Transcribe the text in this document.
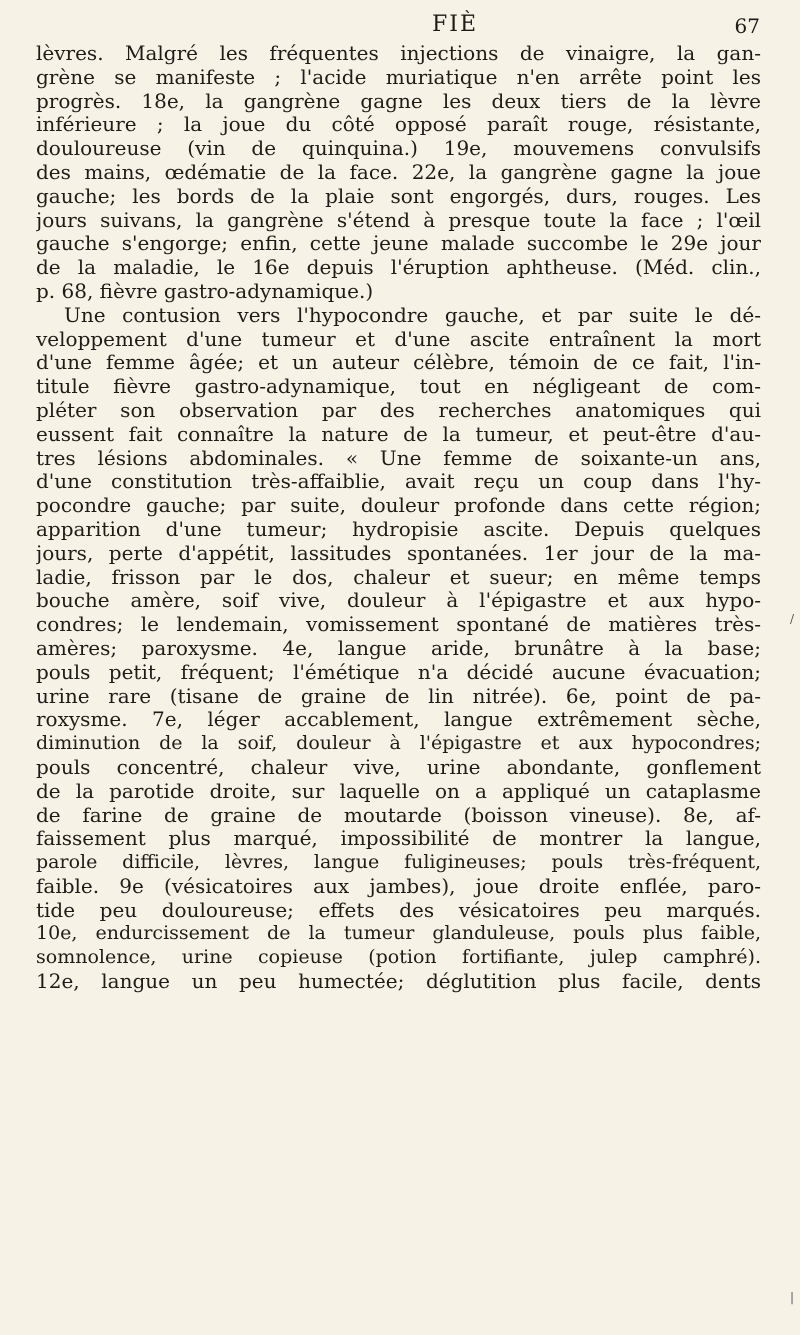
FIÈ	67
lèvres. Malgré les fréquentes injections de vinaigre, la gan-
grène se manifeste ; l'acide muriatique n'en arrête point les
progrès. 18e, la gangrène gagne les deux tiers de la lèvre
inférieure ; la joue du côté opposé paraît rouge, résistante,
douloureuse (vin de quinquina.) 19e, mouvemens convulsifs
des mains, œdématie de la face. 22e, la gangrène gagne la joue
gauche; les bords de la plaie sont engorgés, durs, rouges. Les
jours suivans, la gangrène s'étend à presque toute la face ; l'œil
gauche s'engorge; enfin, cette jeune malade succombe le 29e jour
de la maladie, le 16e depuis l'éruption aphtheuse. (Méd. clin.,
p. 68, fièvre gastro-adynamique.)
Une contusion vers l'hypocondre gauche, et par suite le dé-
veloppement d'une tumeur et d'une ascite entraînent la mort
d'une femme âgée; et un auteur célèbre, témoin de ce fait, l'in-
titule fièvre gastro-adynamique, tout en négligeant de com-
pléter son observation par des recherches anatomiques qui
eussent fait connaître la nature de la tumeur, et peut-être d'au-
tres lésions abdominales. « Une femme de soixante-un ans,
d'une constitution très-affaiblie, avait reçu un coup dans l'hy-
pocondre gauche; par suite, douleur profonde dans cette région;
apparition d'une tumeur; hydropisie ascite. Depuis quelques
jours, perte d'appétit, lassitudes spontanées. 1er jour de la ma-
ladie, frisson par le dos, chaleur et sueur; en même temps
bouche amère, soif vive, douleur à l'épigastre et aux hypo-
condres; le lendemain, vomissement spontané de matières très-
amères; paroxysme. 4e, langue aride, brunâtre à la base;
pouls petit, fréquent; l'émétique n'a décidé aucune évacuation;
urine rare (tisane de graine de lin nitrée). 6e, point de pa-
roxysme. 7e, léger accablement, langue extrêmement sèche,
diminution de la soif, douleur à l'épigastre et aux hypocondres;
pouls concentré, chaleur vive, urine abondante, gonflement
de la parotide droite, sur laquelle on a appliqué un cataplasme
de farine de graine de moutarde (boisson vineuse). 8e, af-
faissement plus marqué, impossibilité de montrer la langue,
parole difficile, lèvres, langue fuligineuses; pouls très-fréquent,
faible. 9e (vésicatoires aux jambes), joue droite enflée, paro-
tide peu douloureuse; effets des vésicatoires peu marqués.
10e, endurcissement de la tumeur glanduleuse, pouls plus faible,
somnolence, urine copieuse (potion fortifiante, julep camphré).
12e, langue un peu humectée; déglutition plus facile, dents
/
|
